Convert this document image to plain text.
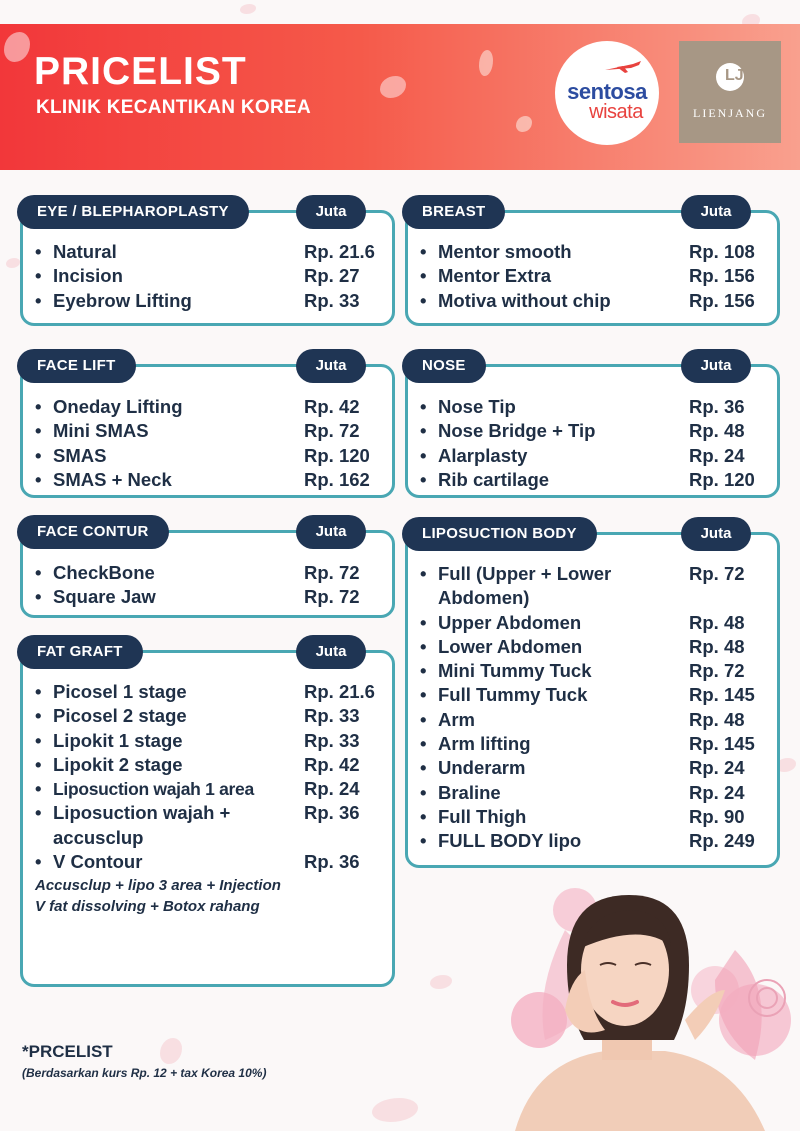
PRICELIST
KLINIK KECANTIKAN KOREA
sentosa
wisata
LJ
LIENJANG
EYE / BLEPHAROPLASTY	Juta
• Natural	Rp. 21.6
• Incision	Rp. 27
• Eyebrow Lifting	Rp. 33
BREAST	Juta
• Mentor smooth	Rp. 108
• Mentor Extra	Rp. 156
• Motiva without chip	Rp. 156
FACE LIFT	Juta
• Oneday Lifting	Rp. 42
• Mini SMAS	Rp. 72
• SMAS	Rp. 120
• SMAS + Neck	Rp. 162
NOSE	Juta
• Nose Tip	Rp. 36
• Nose Bridge + Tip	Rp. 48
• Alarplasty	Rp. 24
• Rib cartilage	Rp. 120
FACE CONTUR	Juta
• CheckBone	Rp. 72
• Square Jaw	Rp. 72
LIPOSUCTION BODY	Juta
• Full (Upper + Lower Abdomen)
Rp. 72
• Upper Abdomen	Rp. 48
• Lower Abdomen	Rp. 48
• Mini Tummy Tuck	Rp. 72
• Full Tummy Tuck	Rp. 145
• Arm	Rp. 48
• Arm lifting	Rp. 145
• Underarm	Rp. 24
• Braline	Rp. 24
• Full Thigh	Rp. 90
• FULL BODY lipo	Rp. 249
FAT GRAFT	Juta
• Picosel 1 stage	Rp. 21.6
• Picosel 2 stage	Rp. 33
• Lipokit 1 stage	Rp. 33
• Lipokit 2 stage	Rp. 42
• Liposuction wajah 1 area	Rp. 24
• Liposuction wajah + accusclup
Rp. 36
• V Contour	Rp. 36
Accusclup + lipo 3 area + Injection V fat dissolving + Botox rahang
*PRCELIST
(Berdasarkan kurs Rp. 12 + tax Korea 10%)
